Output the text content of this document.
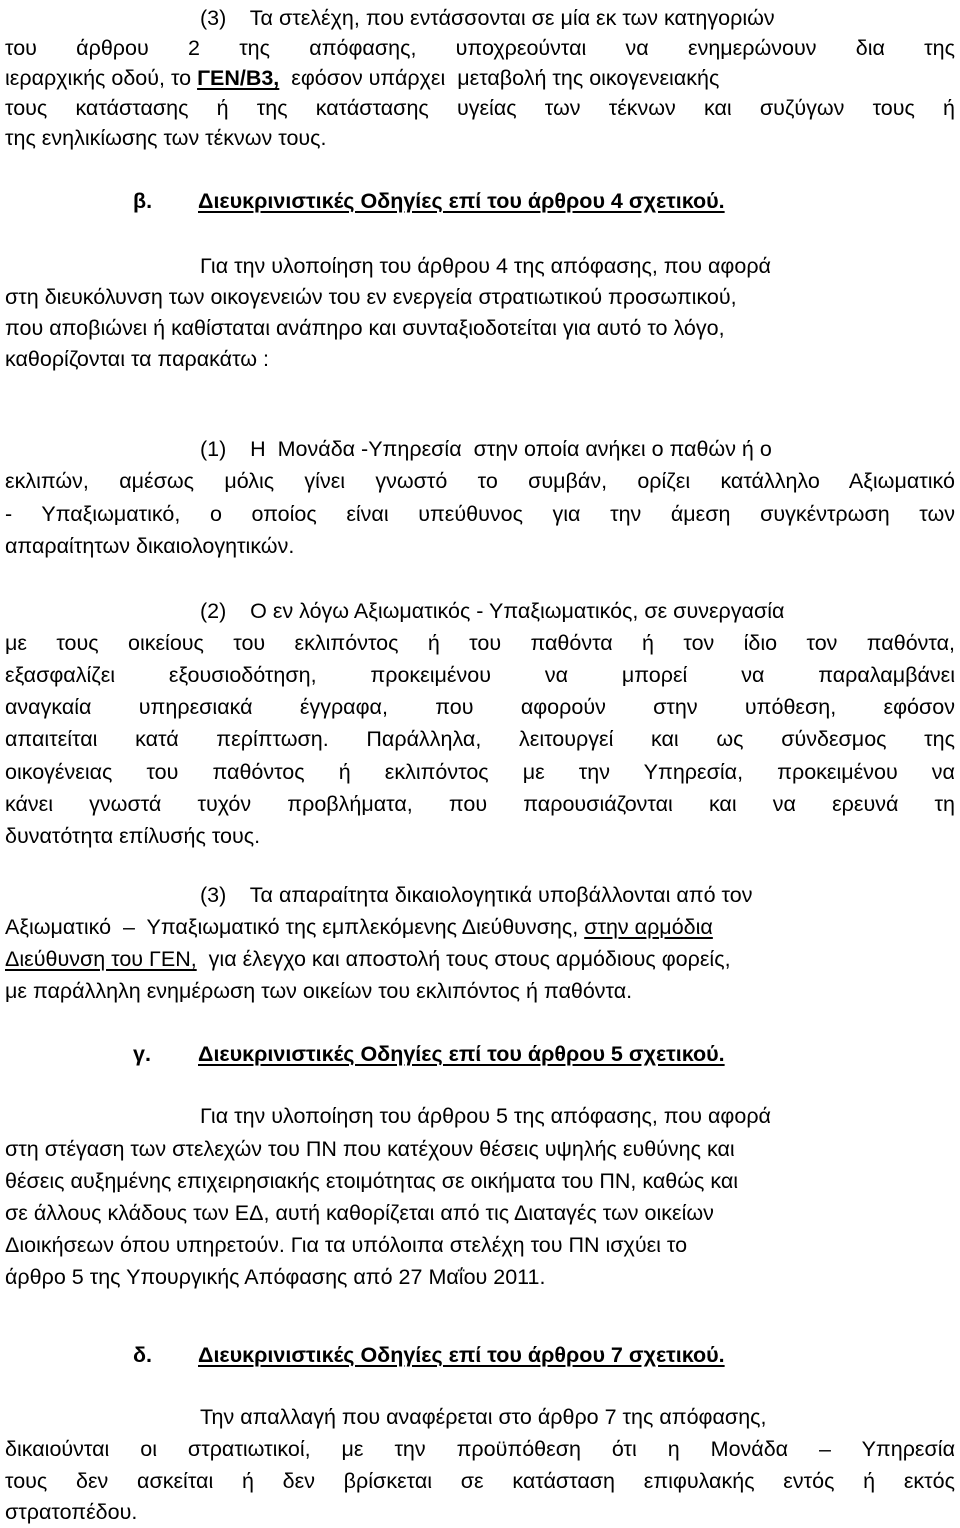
(3)    Τα στελέχη, που εντάσσονται σε μία εκ των κατηγοριών
του άρθρου 2 της απόφασης, υποχρεούνται να ενημερώνουν δια της
ιεραρχικής οδού, το ΓΕΝ/Β3,  εφόσον υπάρχει  μεταβολή της οικογενειακής
τους κατάστασης ή της κατάστασης υγείας των τέκνων και συζύγων τους ή
της ενηλικίωσης των τέκνων τους.
β. Διευκρινιστικές Οδηγίες επί του άρθρου 4 σχετικού.
Για την υλοποίηση του άρθρου 4 της απόφασης, που αφορά
στη διευκόλυνση των οικογενειών του εν ενεργεία στρατιωτικού προσωπικού,
που αποβιώνει ή καθίσταται ανάπηρο και συνταξιοδοτείται για αυτό το λόγο,
καθορίζονται τα παρακάτω :
(1)    Η  Μονάδα -Υπηρεσία  στην οποία ανήκει ο παθών ή ο
εκλιπών, αμέσως μόλις γίνει γνωστό το συμβάν, ορίζει κατάλληλο Αξιωματικό
- Υπαξιωματικό, ο οποίος είναι υπεύθυνος για την άμεση συγκέντρωση των
απαραίτητων δικαιολογητικών.
(2)    Ο εν λόγω Αξιωματικός - Υπαξιωματικός, σε συνεργασία
με τους οικείους του εκλιπόντος ή του παθόντα ή τον ίδιο τον παθόντα,
εξασφαλίζει εξουσιοδότηση, προκειμένου να μπορεί να παραλαμβάνει
αναγκαία υπηρεσιακά έγγραφα, που αφορούν στην υπόθεση, εφόσον
απαιτείται κατά περίπτωση. Παράλληλα, λειτουργεί και ως σύνδεσμος της
οικογένειας του παθόντος ή εκλιπόντος με την Υπηρεσία, προκειμένου να
κάνει γνωστά τυχόν προβλήματα, που παρουσιάζονται και να ερευνά τη
δυνατότητα επίλυσής τους.
(3)    Τα απαραίτητα δικαιολογητικά υποβάλλονται από τον
Αξιωματικό  –  Υπαξιωματικό της εμπλεκόμενης Διεύθυνσης, στην αρμόδια
Διεύθυνση του ΓΕΝ,  για έλεγχο και αποστολή τους στους αρμόδιους φορείς,
με παράλληλη ενημέρωση των οικείων του εκλιπόντος ή παθόντα.
γ. Διευκρινιστικές Οδηγίες επί του άρθρου 5 σχετικού.
Για την υλοποίηση του άρθρου 5 της απόφασης, που αφορά
στη στέγαση των στελεχών του ΠΝ που κατέχουν θέσεις υψηλής ευθύνης και
θέσεις αυξημένης επιχειρησιακής ετοιμότητας σε οικήματα του ΠΝ, καθώς και
σε άλλους κλάδους των ΕΔ, αυτή καθορίζεται από τις Διαταγές των οικείων
Διοικήσεων όπου υπηρετούν. Για τα υπόλοιπα στελέχη του ΠΝ ισχύει το
άρθρο 5 της Υπουργικής Απόφασης από 27 Μαΐου 2011.
δ. Διευκρινιστικές Οδηγίες επί του άρθρου 7 σχετικού.
Την απαλλαγή που αναφέρεται στο άρθρο 7 της απόφασης,
δικαιούνται οι στρατιωτικοί, με την προϋπόθεση ότι η Μονάδα – Υπηρεσία
τους δεν ασκείται ή δεν βρίσκεται σε κατάσταση επιφυλακής εντός ή εκτός
στρατοπέδου.
